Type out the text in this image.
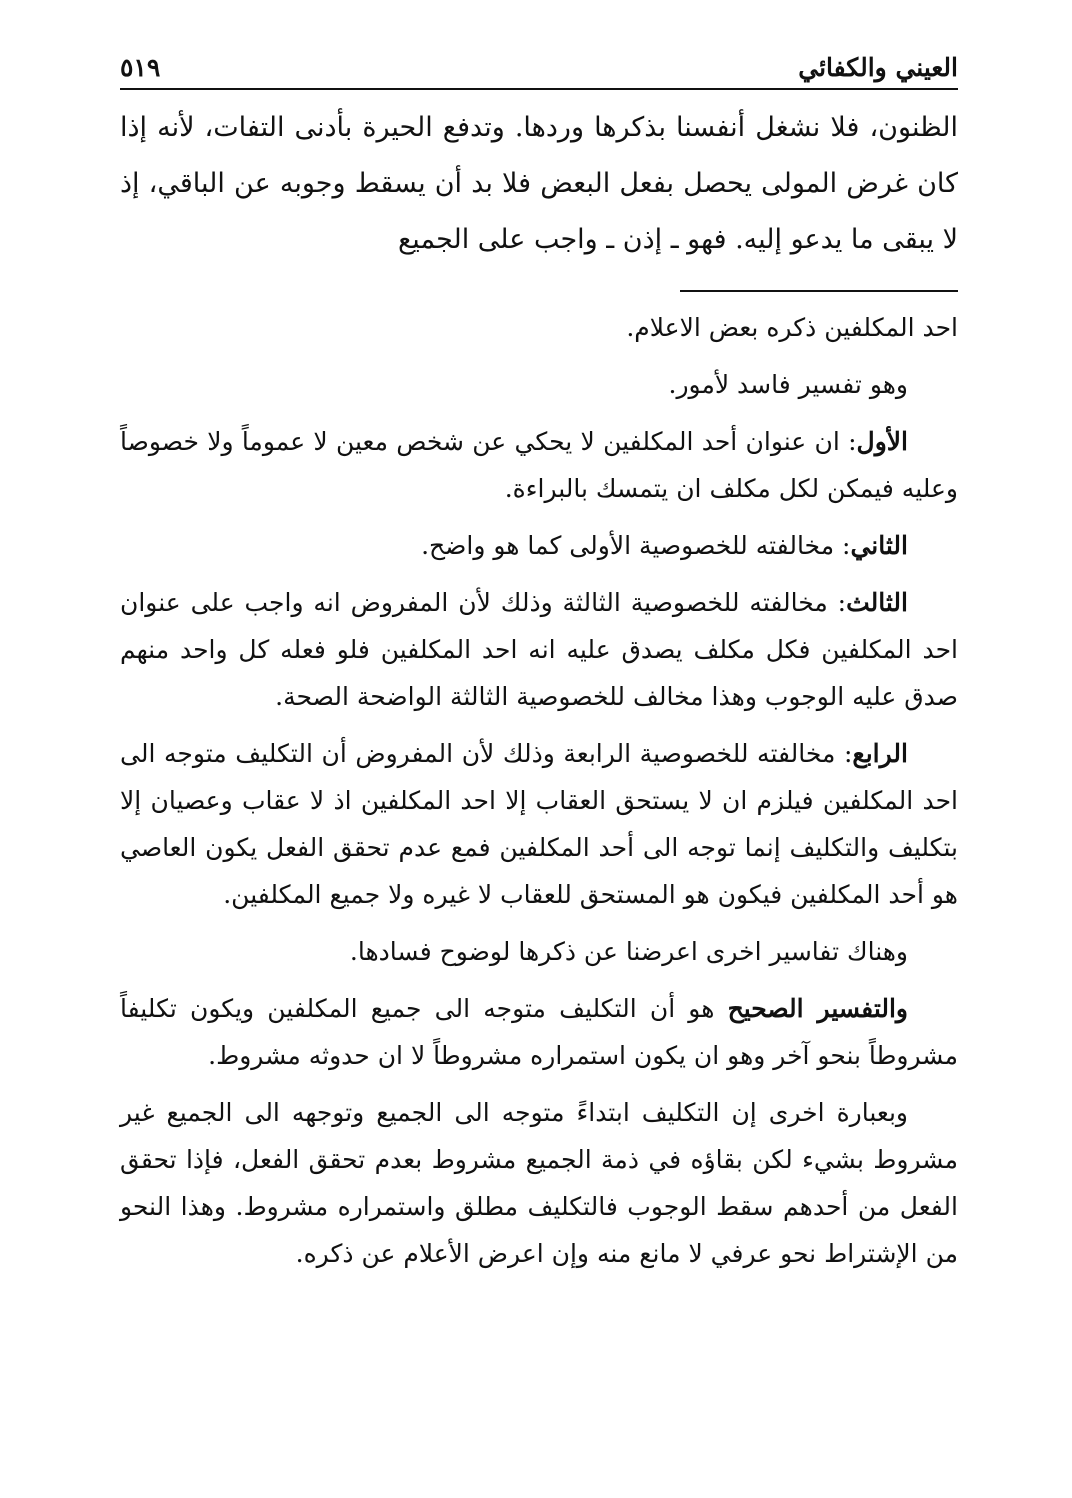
العيني والكفائي
٥١٩

الظنون، فلا نشغل أنفسنا بذكرها وردها. وتدفع الحيرة بأدنى التفات، لأنه إذا كان غرض المولى يحصل بفعل البعض فلا بد أن يسقط وجوبه عن الباقي، إذ لا يبقى ما يدعو إليه. فهو ـ إذن ـ واجب على الجميع

احد المكلفين ذكره بعض الاعلام.

وهو تفسير فاسد لأمور.

الأول: ان عنوان أحد المكلفين لا يحكي عن شخص معين لا عموماً ولا خصوصاً وعليه فيمكن لكل مكلف ان يتمسك بالبراءة.

الثاني: مخالفته للخصوصية الأولى كما هو واضح.

الثالث: مخالفته للخصوصية الثالثة وذلك لأن المفروض انه واجب على عنوان احد المكلفين فكل مكلف يصدق عليه انه احد المكلفين فلو فعله كل واحد منهم صدق عليه الوجوب وهذا مخالف للخصوصية الثالثة الواضحة الصحة.

الرابع: مخالفته للخصوصية الرابعة وذلك لأن المفروض أن التكليف متوجه الى احد المكلفين فيلزم ان لا يستحق العقاب إلا احد المكلفين اذ لا عقاب وعصيان إلا بتكليف والتكليف إنما توجه الى أحد المكلفين فمع عدم تحقق الفعل يكون العاصي هو أحد المكلفين فيكون هو المستحق للعقاب لا غيره ولا جميع المكلفين.

وهناك تفاسير اخرى اعرضنا عن ذكرها لوضوح فسادها.

والتفسير الصحيح هو أن التكليف متوجه الى جميع المكلفين ويكون تكليفاً مشروطاً بنحو آخر وهو ان يكون استمراره مشروطاً لا ان حدوثه مشروط.

وبعبارة اخرى إن التكليف ابتداءً متوجه الى الجميع وتوجهه الى الجميع غير مشروط بشيء لكن بقاؤه في ذمة الجميع مشروط بعدم تحقق الفعل، فإذا تحقق الفعل من أحدهم سقط الوجوب فالتكليف مطلق واستمراره مشروط. وهذا النحو من الإشتراط نحو عرفي لا مانع منه وإن اعرض الأعلام عن ذكره.
